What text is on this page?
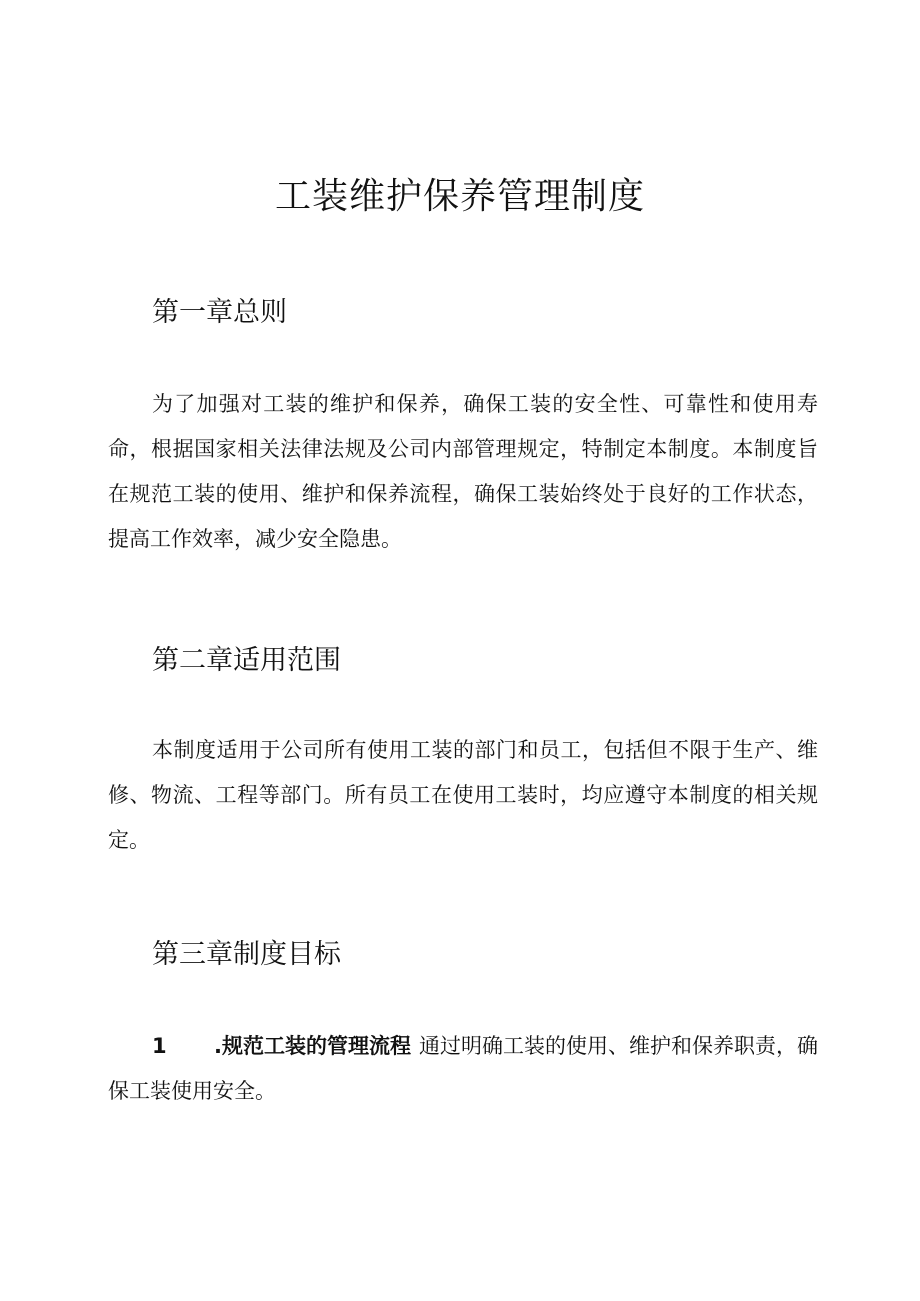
工装维护保养管理制度
第一章总则

为了加强对工装的维护和保养，确保工装的安全性、可靠性和使用寿命，根据国家相关法律法规及公司内部管理规定，特制定本制度。本制度旨在规范工装的使用、维护和保养流程，确保工装始终处于良好的工作状态，提高工作效率，减少安全隐患。

第二章适用范围

本制度适用于公司所有使用工装的部门和员工，包括但不限于生产、维修、物流、工程等部门。所有员工在使用工装时，均应遵守本制度的相关规定。

第三章制度目标

1 .规范工装的管理流程 通过明确工装的使用、维护和保养职责，确保工装使用安全。
